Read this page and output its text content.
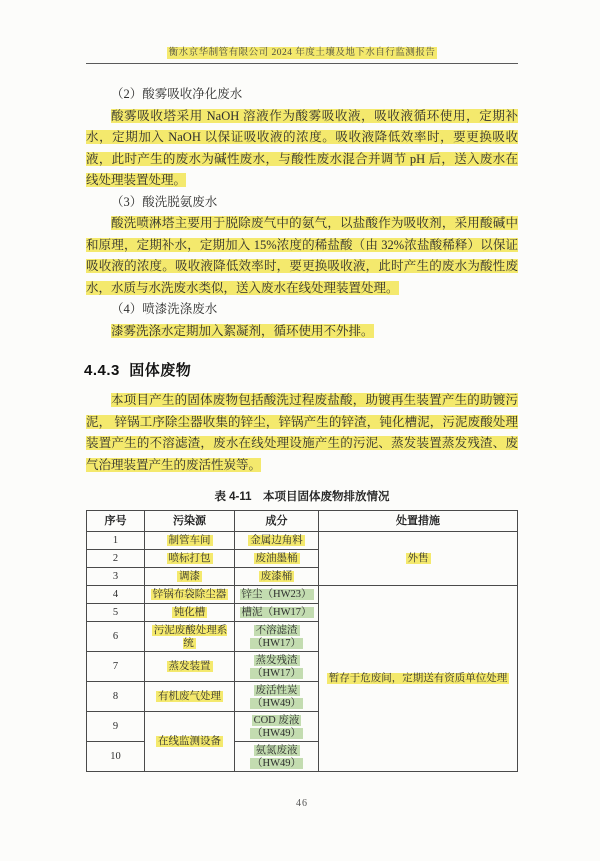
衡水京华制管有限公司 2024 年度土壤及地下水自行监测报告

（2）酸雾吸收净化废水

酸雾吸收塔采用 NaOH 溶液作为酸雾吸收液，吸收液循环使用，定期补水，定期加入 NaOH 以保证吸收液的浓度。吸收液降低效率时，要更换吸收液，此时产生的废水为碱性废水，与酸性废水混合并调节 pH 后，送入废水在线处理装置处理。

（3）酸洗脱氨废水

酸洗喷淋塔主要用于脱除废气中的氨气，以盐酸作为吸收剂，采用酸碱中和原理，定期补水，定期加入 15%浓度的稀盐酸（由 32%浓盐酸稀释）以保证吸收液的浓度。吸收液降低效率时，要更换吸收液，此时产生的废水为酸性废水，水质与水洗废水类似，送入废水在线处理装置处理。

（4）喷漆洗涤废水

漆雾洗涤水定期加入絮凝剂，循环使用不外排。

4.4.3 固体废物

本项目产生的固体废物包括酸洗过程废盐酸，助镀再生装置产生的助镀污泥， 锌锅工序除尘器收集的锌尘，锌锅产生的锌渣，钝化槽泥，污泥废酸处理装置产生的不溶滤渣，废水在线处理设施产生的污泥、蒸发装置蒸发残渣、废气治理装置产生的废活性炭等。

表 4-11　本项目固体废物排放情况

序号	污染源	成分	处置措施
1	制管车间	金属边角料	外售
2	喷标打包	废油墨桶	
3	调漆	废漆桶	
4	锌锅布袋除尘器	锌尘（HW23）	暂存于危废间，定期送有资质单位处理
5	钝化槽	槽泥（HW17）	
6	污泥废酸处理系统	不溶滤渣
（HW17）	
7	蒸发装置	蒸发残渣
（HW17）	
8	有机废气处理	废活性炭
（HW49）	
9	在线监测设备	COD 废液
（HW49）	
10		氨氮废液
（HW49）	

46
